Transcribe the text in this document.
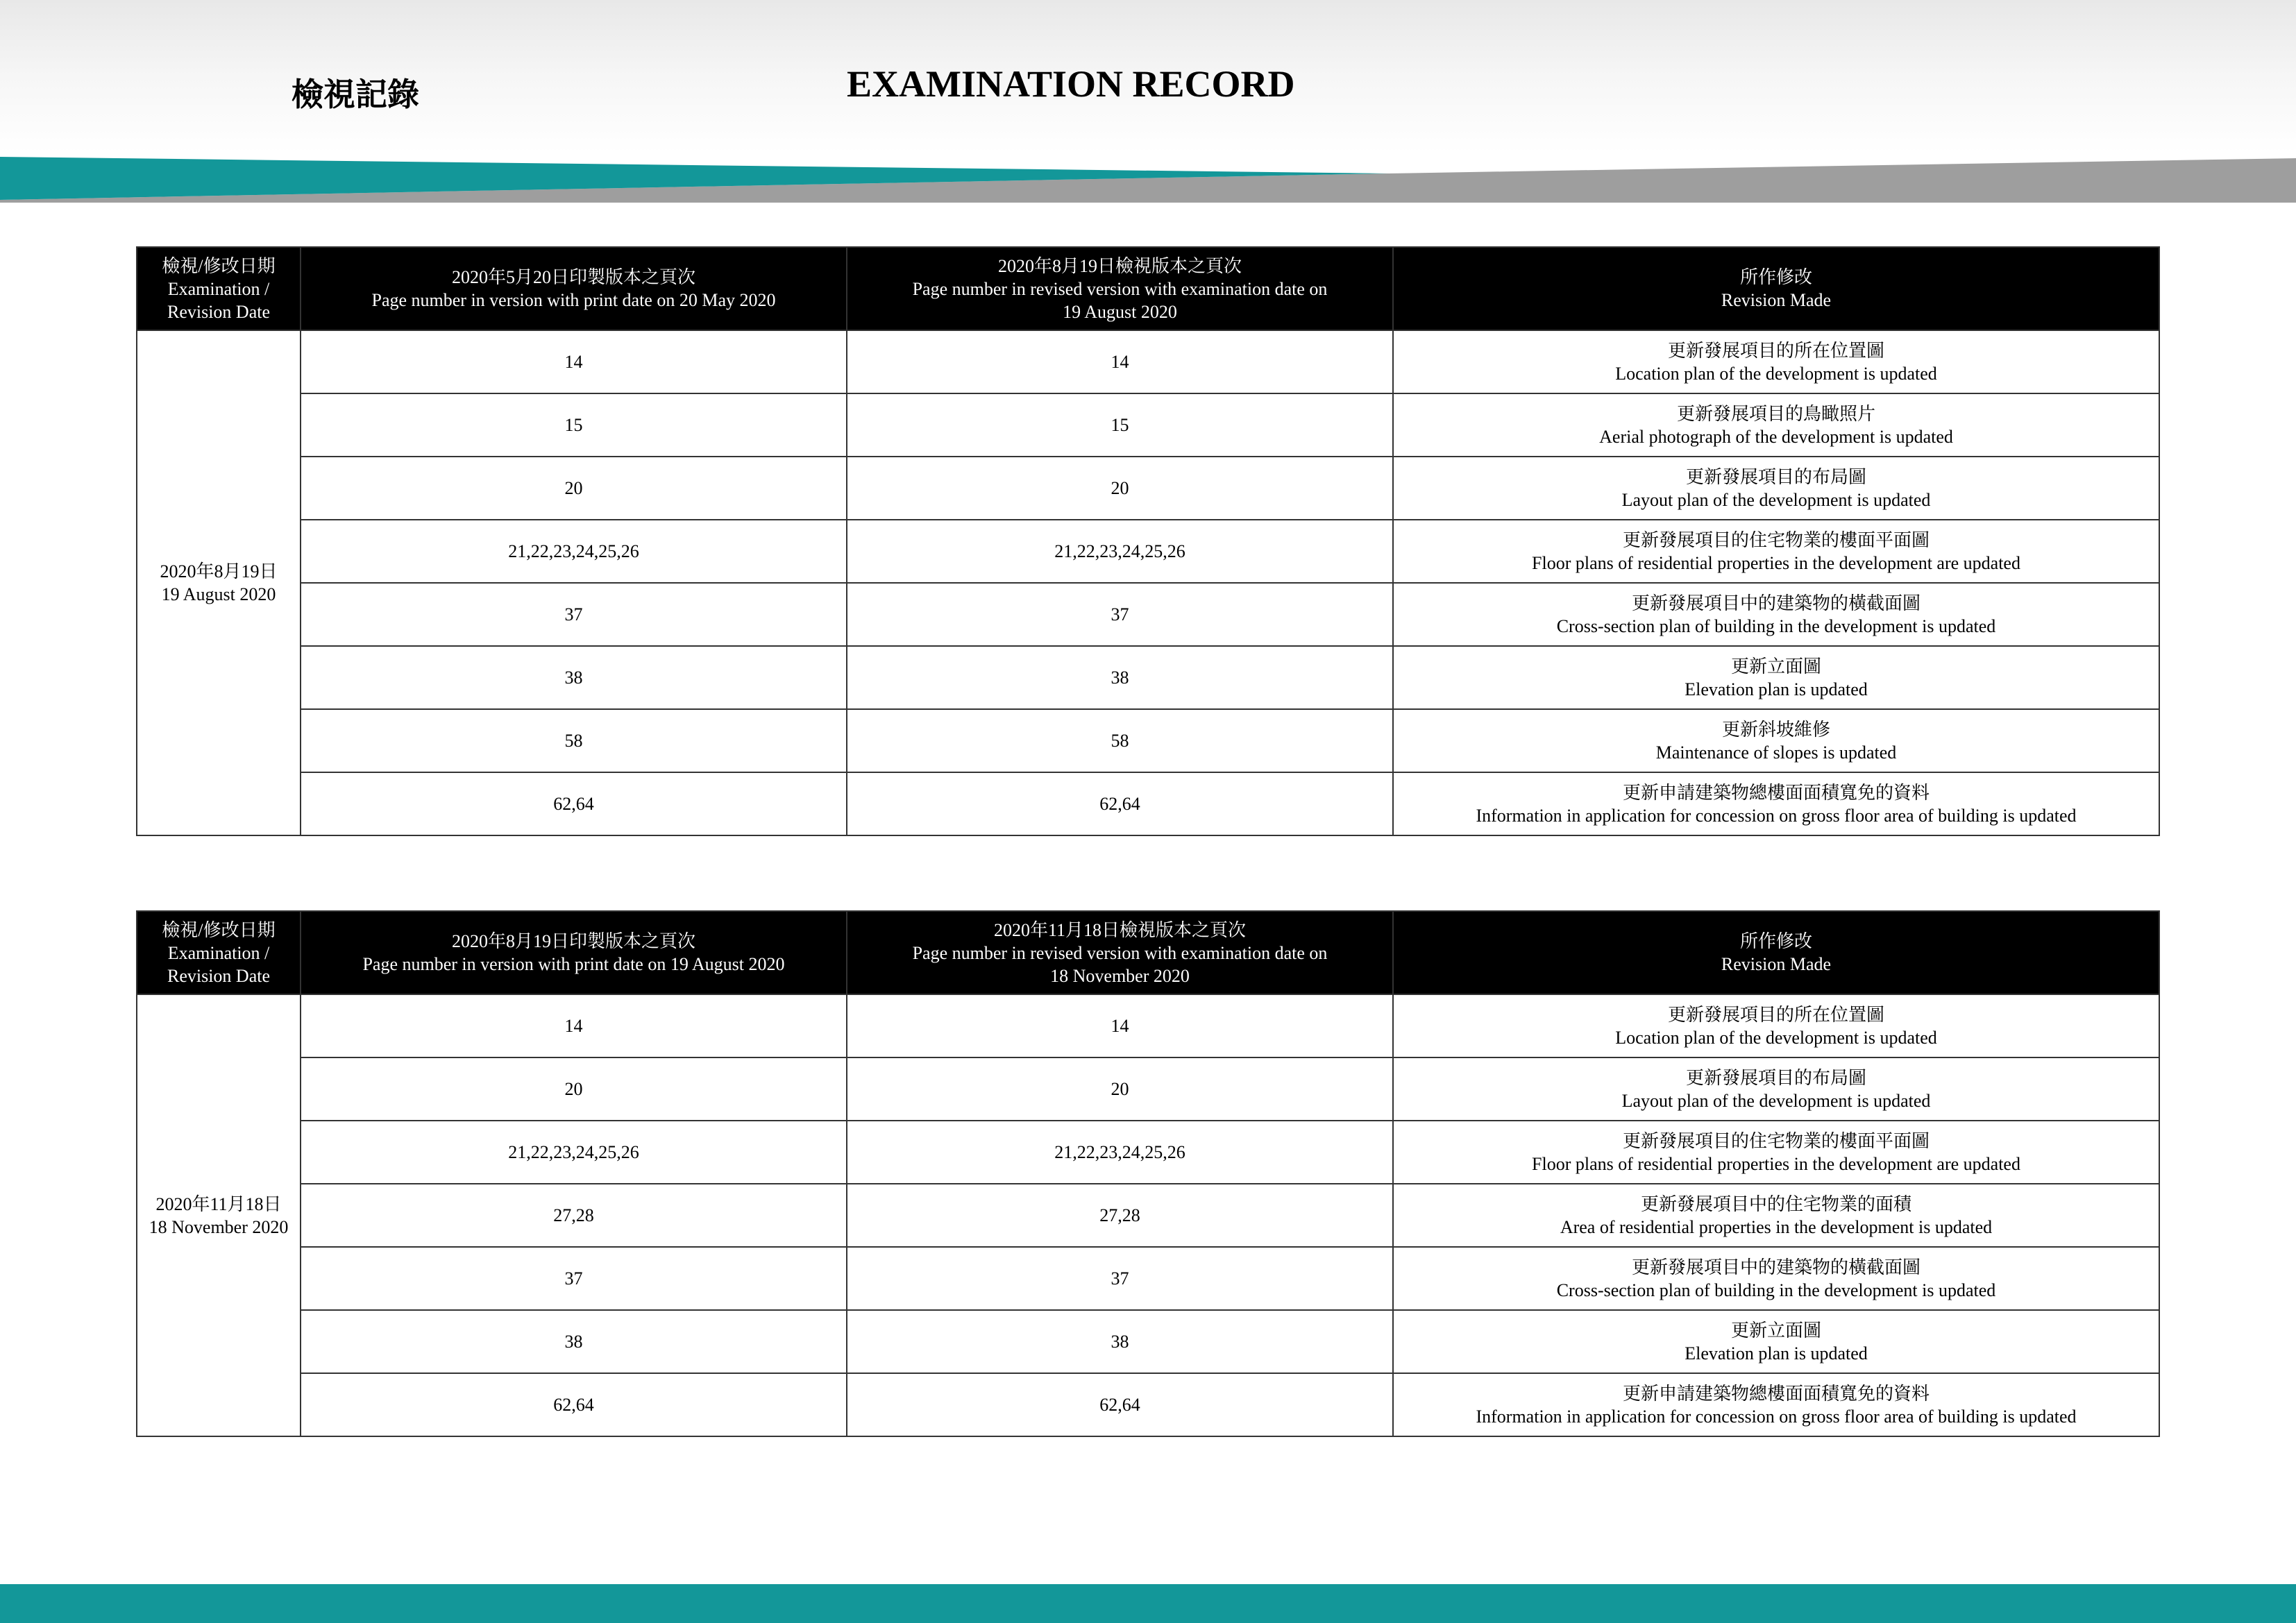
檢視記錄	EXAMINATION RECORD
檢視/修改日期
Examination /
Revision Date	2020年5月20日印製版本之頁次
Page number in version with print date on 20 May 2020	2020年8月19日檢視版本之頁次
Page number in revised version with examination date on
19 August 2020	所作修改
Revision Made

2020年8月19日
19 August 2020	14	14	更新發展項目的所在位置圖
Location plan of the development is updated

	15	15	更新發展項目的鳥瞰照片
Aerial photograph of the development is updated

	20	20	更新發展項目的布局圖
Layout plan of the development is updated

	21,22,23,24,25,26	21,22,23,24,25,26	更新發展項目的住宅物業的樓面平面圖
Floor plans of residential properties in the development are updated

	37	37	更新發展項目中的建築物的橫截面圖
Cross-section plan of building in the development is updated

	38	38	更新立面圖
Elevation plan is updated

	58	58	更新斜坡維修
Maintenance of slopes is updated

	62,64	62,64	更新申請建築物總樓面面積寬免的資料
Information in application for concession on gross floor area of building is updated
檢視/修改日期
Examination /
Revision Date	2020年8月19日印製版本之頁次
Page number in version with print date on 19 August 2020	2020年11月18日檢視版本之頁次
Page number in revised version with examination date on
18 November 2020	所作修改
Revision Made

2020年11月18日
18 November 2020	14	14	更新發展項目的所在位置圖
Location plan of the development is updated

	20	20	更新發展項目的布局圖
Layout plan of the development is updated

	21,22,23,24,25,26	21,22,23,24,25,26	更新發展項目的住宅物業的樓面平面圖
Floor plans of residential properties in the development are updated

	27,28	27,28	更新發展項目中的住宅物業的面積
Area of residential properties in the development is updated

	37	37	更新發展項目中的建築物的橫截面圖
Cross-section plan of building in the development is updated

	38	38	更新立面圖
Elevation plan is updated

	62,64	62,64	更新申請建築物總樓面面積寬免的資料
Information in application for concession on gross floor area of building is updated
